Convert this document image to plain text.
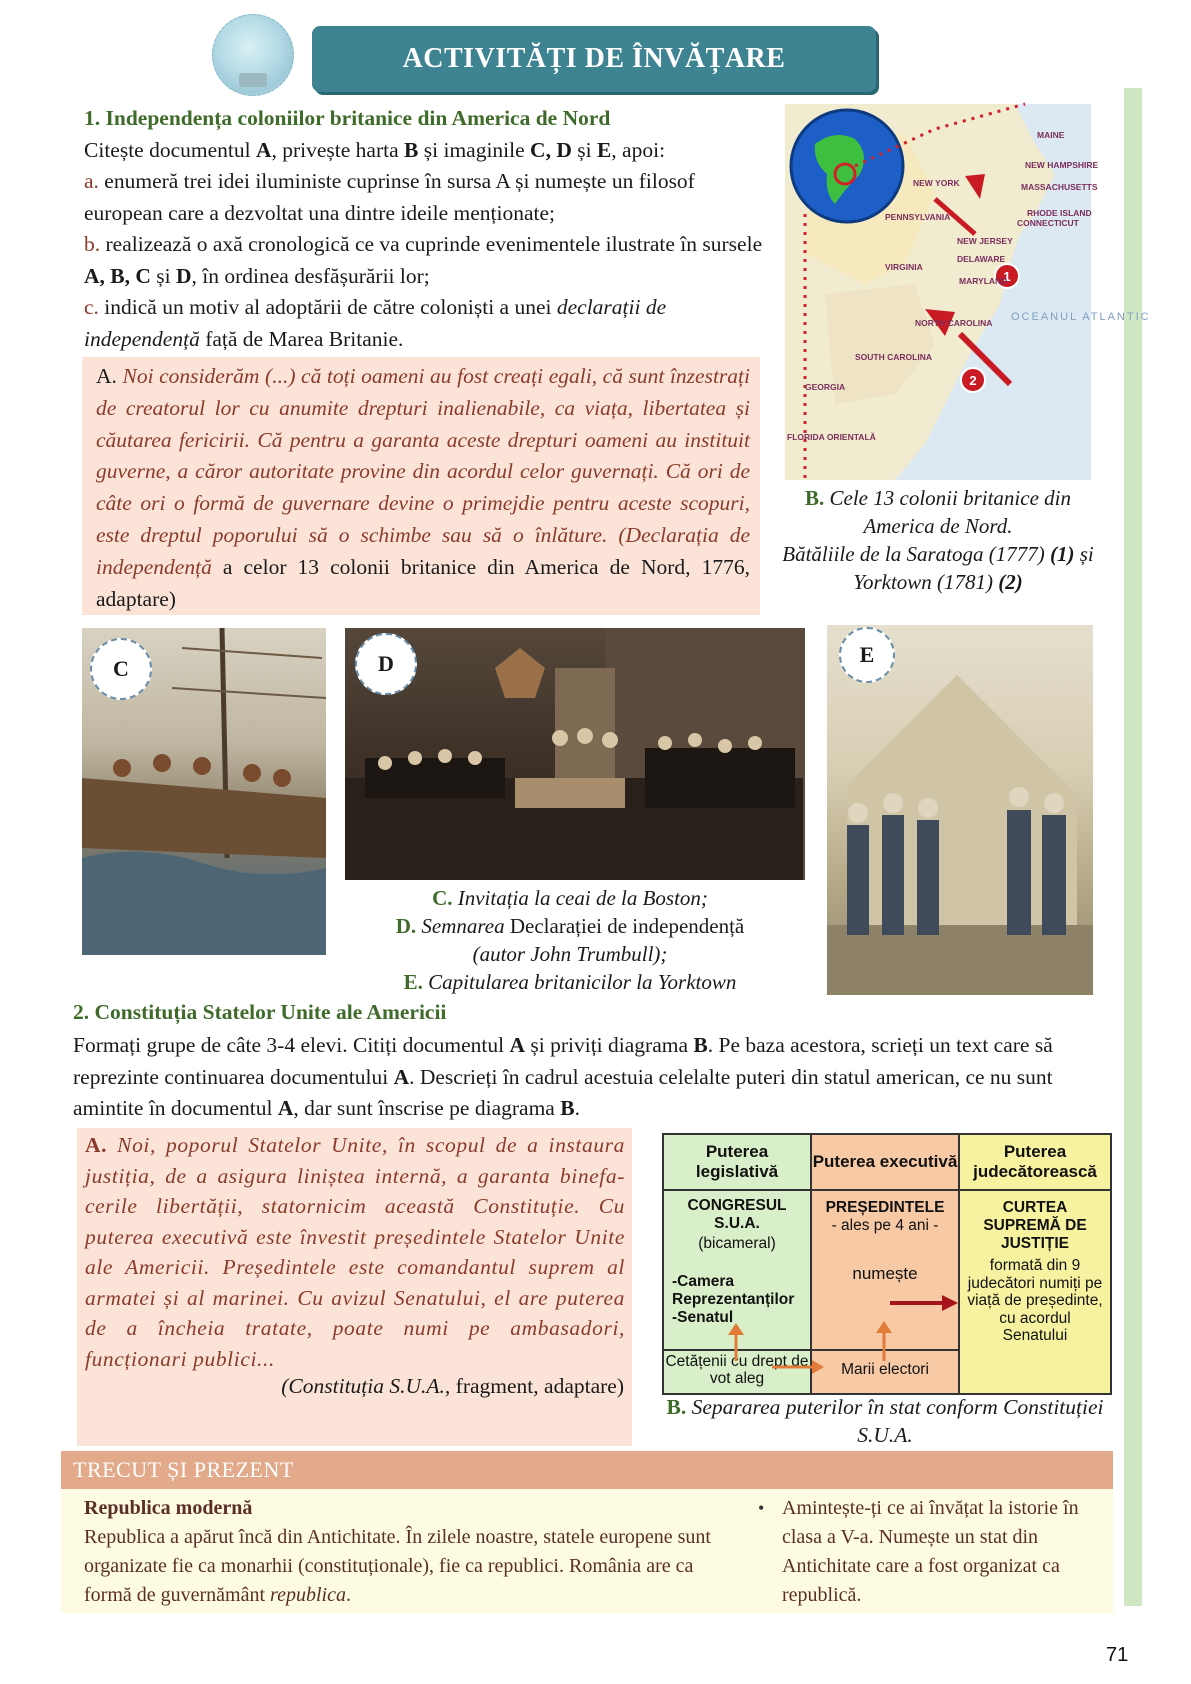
ACTIVITĂȚI DE ÎNVĂȚARE
1. Independența coloniilor britanice din America de Nord
Citește documentul A, privește harta B și imaginile C, D și E, apoi:
a. enumeră trei idei iluministe cuprinse în sursa A și numește un filosof european care a dezvoltat una dintre ideile menționate;
b. realizează o axă cronologică ce va cuprinde evenimentele ilustrate în sursele A, B, C și D, în ordinea desfășurării lor;
c. indică un motiv al adoptării de către coloniști a unei declarații de independență față de Marea Britanie.
A. Noi considerăm (...) că toți oameni au fost creați egali, că sunt înzestrați de creatorul lor cu anumite drepturi inalienabile, ca viața, libertatea și căutarea fericirii. Că pentru a garanta aceste drepturi oameni au instituit guverne, a căror autoritate provine din acordul celor guvernați. Că ori de câte ori o formă de guvernare devine o primejdie pentru aceste scopuri, este dreptul poporului să o schimbe sau să o înlăture. (Declarația de independență a celor 13 colonii britanice din America de Nord, 1776, adaptare)
1
2
MAINE
NEW HAMPSHIRE
MASSACHUSETTS
RHODE ISLAND
CONNECTICUT
NEW YORK
PENNSYLVANIA
NEW JERSEY
DELAWARE
MARYLAND
VIRGINIA
NORTH CAROLINA
SOUTH CAROLINA
GEORGIA
FLORIDA ORIENTALĂ
OCEANUL ATLANTIC
B. Cele 13 colonii britanice din America de Nord.
Bătăliile de la Saratoga (1777) (1) și Yorktown (1781) (2)
C	D	E
C. Invitația la ceai de la Boston;
D. Semnarea Declarației de independență
(autor John Trumbull);
E. Capitularea britanicilor la Yorktown
2. Constituția Statelor Unite ale Americii
Formați grupe de câte 3-4 elevi. Citiți documentul A și priviți diagrama B. Pe baza acestora, scrieți un text care să reprezinte continuarea documentului A. Descrieți în cadrul acestuia celelalte puteri din statul american, ce nu sunt amintite în documentul A, dar sunt înscrise pe diagrama B.
A. Noi, poporul Statelor Unite, în scopul de a instaura justiția, de a asigura liniștea internă, a garanta binefa-cerile libertății, statornicim această Constituție. Cu puterea executivă este învestit președintele Statelor Unite ale Americii. Președintele este comandantul suprem al armatei și al marinei. Cu avizul Senatului, el are puterea de a încheia tratate, poate numi pe ambasadori, funcționari publici...
(Constituția S.U.A., fragment, adaptare)
Puterea legislativă
CONGRESUL S.U.A.
(bicameral)
-Camera Reprezentanților
-Senatul
Cetățenii cu drept de vot aleg
Puterea executivă
PREȘEDINTELE
- ales pe 4 ani -
numește
Marii electori
Puterea judecătorească
CURTEA SUPREMĂ DE JUSTIȚIE
formată din 9 judecători numiți pe viață de președinte, cu acordul Senatului
B. Separarea puterilor în stat conform Constituției S.U.A.
TRECUT ȘI PREZENT
Republica modernă
Republica a apărut încă din Antichitate. În zilele noastre, statele europene sunt organizate fie ca monarhii (constituționale), fie ca republici. România are ca formă de guvernământ republica.
• Amintește-ți ce ai învățat la istorie în clasa a V-a. Numește un stat din Antichitate care a fost organizat ca republică.
71
